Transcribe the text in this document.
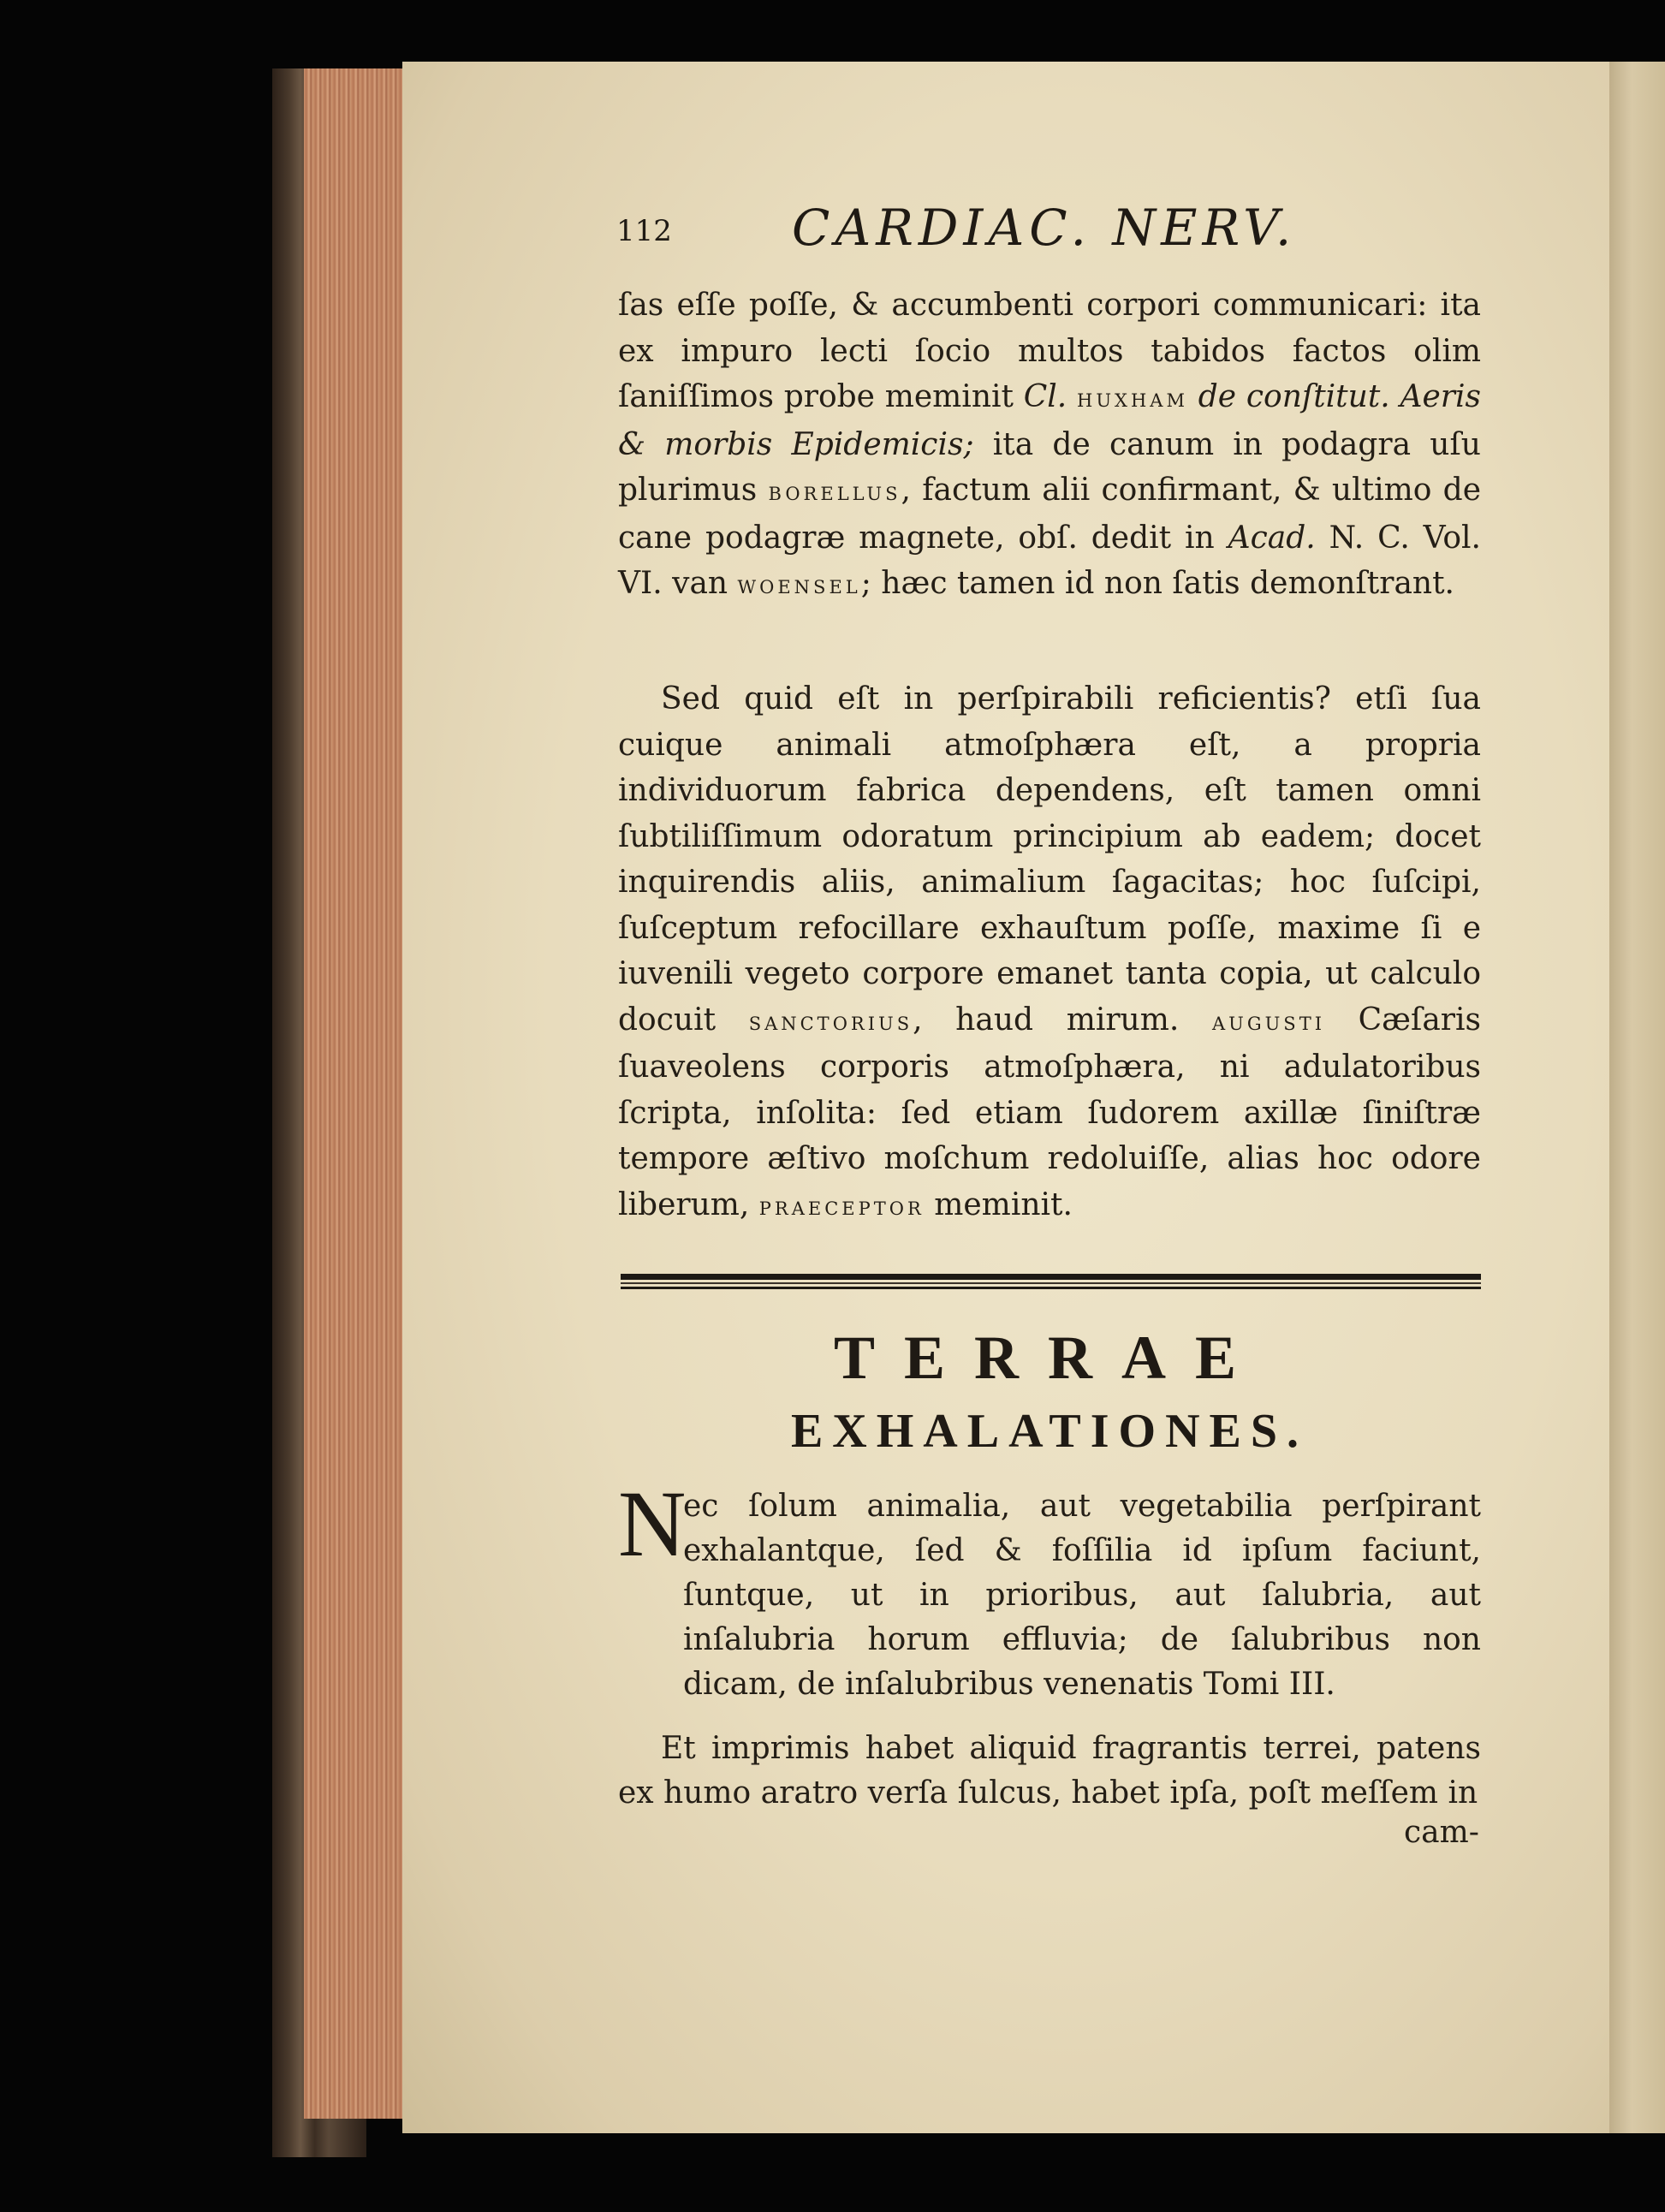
112 CARDIAC. NERV.

ſas eſſe poſſe, & accumbenti corpori communicari: ita ex impuro lecti ſocio multos tabidos factos olim ſaniſſimos probe meminit Cl. huxham de conſtitut. Aeris & morbis Epidemicis; ita de canum in podagra uſu plurimus borellus, factum alii confirmant, & ultimo de cane podagræ magnete, obſ. dedit in Acad. N. C. Vol. VI. van woensel; hæc tamen id non ſatis demonſtrant.

Sed quid eſt in perſpirabili reficientis? etſi ſua cuique animali atmoſphæra eſt, a propria individuorum fabrica dependens, eſt tamen omni ſubtiliſſimum odoratum principium ab eadem; docet inquirendis aliis, animalium ſagacitas; hoc ſuſcipi, ſuſceptum refocillare exhauſtum poſſe, maxime ſi e iuvenili vegeto corpore emanet tanta copia, ut calculo docuit sanctorius, haud mirum. augusti Cæſaris ſuaveolens corporis atmoſphæra, ni adulatoribus ſcripta, inſolita: ſed etiam ſudorem axillæ ſiniſtræ tempore æſtivo moſchum redoluiſſe, alias hoc odore liberum, praeceptor meminit.

TERRAE
EXHALATIONES.
N

ec ſolum animalia, aut vegetabilia perſpirant exhalantque, ſed & foſſilia id ipſum faciunt, ſuntque, ut in prioribus, aut ſalubria, aut inſalubria horum effluvia; de ſalubribus non dicam, de inſalubribus venenatis Tomi III.

Et imprimis habet aliquid fragrantis terrei, patens ex humo aratro verſa ſulcus, habet ipſa, poſt meſſem in

cam-
